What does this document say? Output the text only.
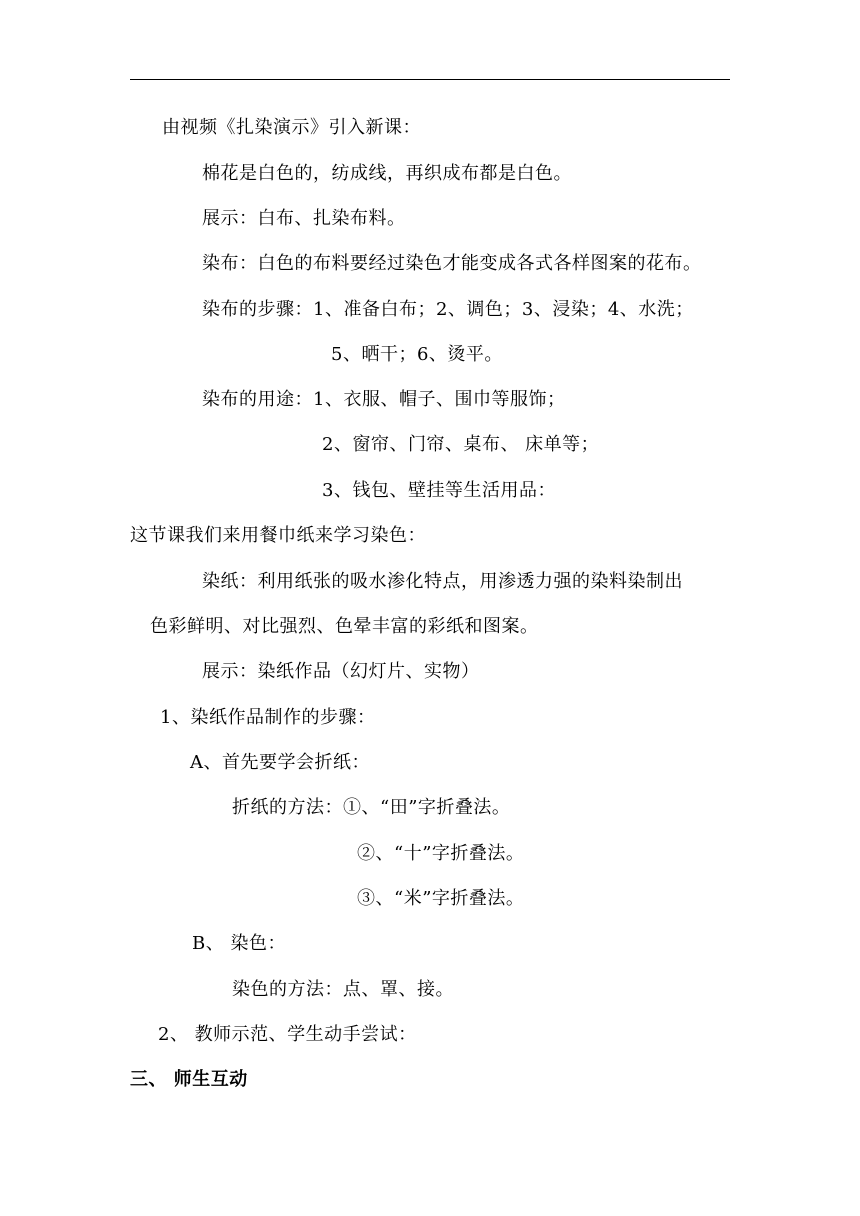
由视频《扎染演示》引入新课：
棉花是白色的，纺成线，再织成布都是白色。
展示：白布、扎染布料。
染布：白色的布料要经过染色才能变成各式各样图案的花布。
染布的步骤：1、准备白布；2、调色；3、浸染；4、水洗；
5、晒干；6、烫平。
染布的用途：1、衣服、帽子、围巾等服饰；
2、窗帘、门帘、桌布、 床单等；
3、钱包、壁挂等生活用品：
这节课我们来用餐巾纸来学习染色：
染纸：利用纸张的吸水渗化特点，用渗透力强的染料染制出
色彩鲜明、对比强烈、色晕丰富的彩纸和图案。
展示：染纸作品（幻灯片、实物）
1、染纸作品制作的步骤：
A、首先要学会折纸：
折纸的方法：①、“田”字折叠法。
②、“十”字折叠法。
③、“米”字折叠法。
B、 染色：
染色的方法：点、罩、接。
2、 教师示范、学生动手尝试：
三、 师生互动
